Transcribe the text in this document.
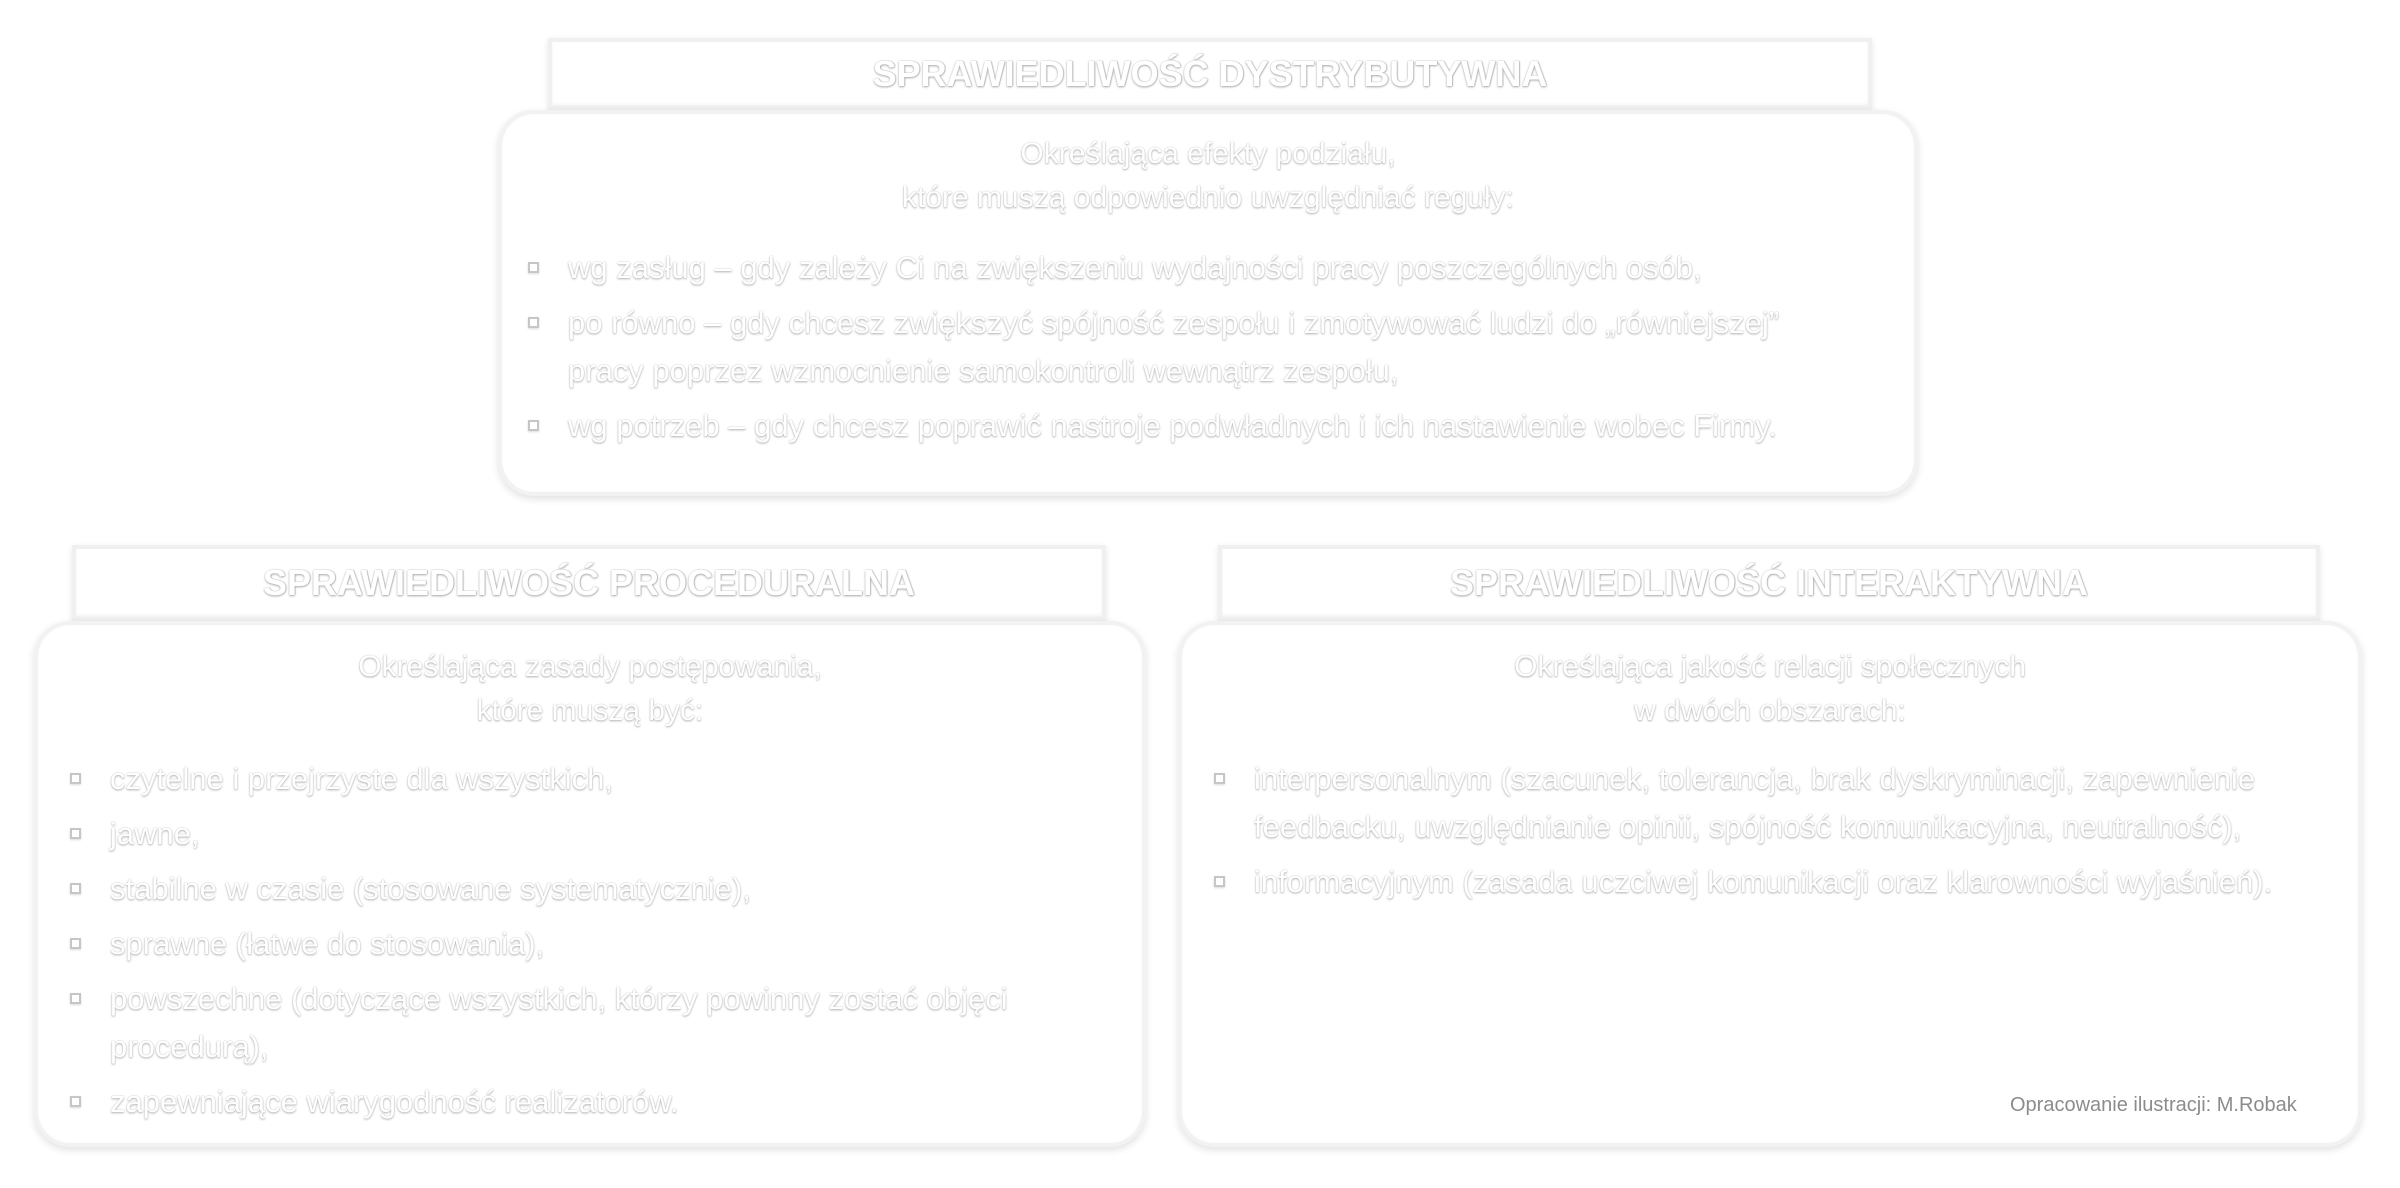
SPRAWIEDLIWOŚĆ DYSTRYBUTYWNA
Określająca efekty podziału,
które muszą odpowiednio uwzględniać reguły:
wg zasług – gdy zależy Ci na zwiększeniu wydajności pracy poszczególnych osób,
po równo – gdy chcesz zwiększyć spójność zespołu i zmotywować ludzi do „równiejszej” pracy poprzez wzmocnienie samokontroli wewnątrz zespołu,
wg potrzeb – gdy chcesz poprawić nastroje podwładnych i ich nastawienie wobec Firmy.
SPRAWIEDLIWOŚĆ PROCEDURALNA
Określająca zasady postępowania,
które muszą być:
czytelne i przejrzyste dla wszystkich,
jawne,
stabilne w czasie (stosowane systematycznie),
sprawne (łatwe do stosowania),
powszechne (dotyczące wszystkich, którzy powinny zostać objęci procedurą),
zapewniające wiarygodność realizatorów.
SPRAWIEDLIWOŚĆ INTERAKTYWNA
Określająca jakość relacji społecznych
w dwóch obszarach:
interpersonalnym (szacunek, tolerancja, brak dyskryminacji, zapewnienie feedbacku, uwzględnianie opinii, spójność komunikacyjna, neutralność),
informacyjnym (zasada uczciwej komunikacji oraz klarowności wyjaśnień).
Opracowanie ilustracji: M.Robak
